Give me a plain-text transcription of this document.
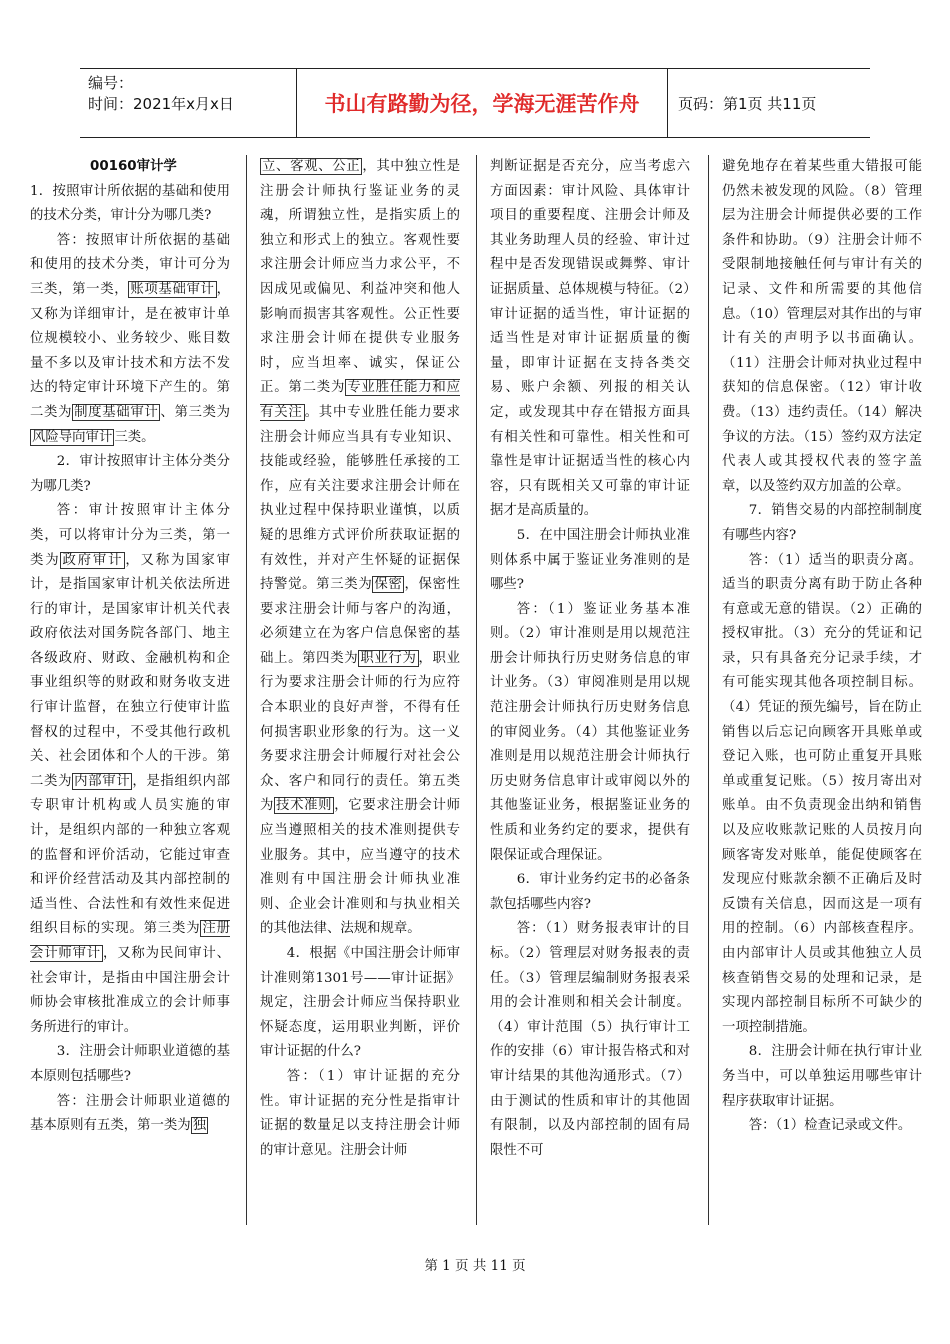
编号：
时间：2021年x月x日	书山有路勤为径，学海无涯苦作舟	页码：第1页 共11页

00160审计学

1．按照审计所依据的基础和使用的技术分类，审计分为哪几类?

答：按照审计所依据的基础和使用的技术分类，审计可分为三类，第一类， 账项基础审计 ，又称为详细审计，是在被审计单位规模较小、业务较少、账目数量不多以及审计技术和方法不发达的特定审计环境下产生的。第二类为 制度基础审计 、第三类为风险导向审计 三类。

2．审计按照审计主体分类分为哪几类?

答：审计按照审计主体分类，可以将审计分为三类，第一类为 政府审计 ，又称为国家审计，是指国家审计机关依法所进行的审计，是国家审计机关代表政府依法对国务院各部门、地主各级政府、财政、金融机构和企事业组织等的财政和财务收支进行审计监督，在独立行使审计监督权的过程中，不受其他行政机关、社会团体和个人的干涉。第二类为 内部审计 ，是指组织内部专职审计机构或人员实施的审计，是组织内部的一种独立客观的监督和评价活动，它能过审查和评价经营活动及其内部控制的适当性、合法性和有效性来促进组织目标的实现。第三类为 注册会计师审计 ，又称为民间审计、社会审计，是指由中国注册会计师协会审核批准成立的会计师事务所进行的审计。

3．注册会计师职业道德的基本原则包括哪些?

答：注册会计师职业道德的基本原则有五类，第一类为 独

立、客观、公正 ，其中独立性是注册会计师执行鉴证业务的灵魂，所谓独立性，是指实质上的独立和形式上的独立。客观性要求注册会计师应当力求公平，不因成见或偏见、利益冲突和他人影响而损害其客观性。公正性要求注册会计师在提供专业服务时，应当坦率、诚实，保证公正。第二类为 专业胜任能力和应有关注 。其中专业胜任能力要求注册会计师应当具有专业知识、技能或经验，能够胜任承接的工作，应有关注要求注册会计师在执业过程中保持职业谨慎，以质疑的思维方式评价所获取证据的有效性，并对产生怀疑的证据保持警觉。第三类为 保密 ，保密性要求注册会计师与客户的沟通，必须建立在为客户信息保密的基础上。第四类为 职业行为 ，职业行为要求注册会计师的行为应符合本职业的良好声誉，不得有任何损害职业形象的行为。这一义务要求注册会计师履行对社会公众、客户和同行的责任。第五类为 技术准则 ，它要求注册会计师应当遵照相关的技术准则提供专业服务。其中，应当遵守的技术准则有中国注册会计师执业准则、企业会计准则和与执业相关的其他法律、法规和规章。

4．根据《中国注册会计师审计准则第1301号——审计证据》规定，注册会计师应当保持职业怀疑态度，运用职业判断，评价审计证据的什么?

答：（1）审计证据的充分性。审计证据的充分性是指审计证据的数量足以支持注册会计师的审计意见。注册会计师

判断证据是否充分，应当考虑六方面因素：审计风险、具体审计项目的重要程度、注册会计师及其业务助理人员的经验、审计过程中是否发现错误或舞弊、审计证据质量、总体规模与特征。（2）审计证据的适当性，审计证据的适当性是对审计证据质量的衡量，即审计证据在支持各类交易、账户余额、列报的相关认定，或发现其中存在错报方面具有相关性和可靠性。相关性和可靠性是审计证据适当性的核心内容，只有既相关又可靠的审计证据才是高质量的。

5．在中国注册会计师执业准则体系中属于鉴证业务准则的是哪些?

答：（1）鉴证业务基本准则。（2）审计准则是用以规范注册会计师执行历史财务信息的审计业务。（3）审阅准则是用以规范注册会计师执行历史财务信息的审阅业务。（4）其他鉴证业务准则是用以规范注册会计师执行历史财务信息审计或审阅以外的其他鉴证业务，根据鉴证业务的性质和业务约定的要求，提供有限保证或合理保证。

6．审计业务约定书的必备条款包括哪些内容?

答：（1）财务报表审计的目标。（2）管理层对财务报表的责任。（3）管理层编制财务报表采用的会计准则和相关会计制度。（4）审计范围（5）执行审计工作的安排（6）审计报告格式和对审计结果的其他沟通形式。（7）由于测试的性质和审计的其他固有限制，以及内部控制的固有局限性不可

避免地存在着某些重大错报可能仍然未被发现的风险。（8）管理层为注册会计师提供必要的工作条件和协助。（9）注册会计师不受限制地接触任何与审计有关的记录、文件和所需要的其他信息。（10）管理层对其作出的与审计有关的声明予以书面确认。（11）注册会计师对执业过程中获知的信息保密。（12）审计收费。（13）违约责任。（14）解决争议的方法。（15）签约双方法定代表人或其授权代表的签字盖章，以及签约双方加盖的公章。

7．销售交易的内部控制制度有哪些内容?

答：（1）适当的职责分离。适当的职责分离有助于防止各种有意或无意的错误。（2）正确的授权审批。（3）充分的凭证和记录，只有具备充分记录手续，才有可能实现其他各项控制目标。（4）凭证的预先编号，旨在防止销售以后忘记向顾客开具账单或登记入账，也可防止重复开具账单或重复记账。（5）按月寄出对账单。由不负责现金出纳和销售以及应收账款记账的人员按月向顾客寄发对账单，能促使顾客在发现应付账款余额不正确后及时反馈有关信息，因而这是一项有用的控制。（6）内部核查程序。由内部审计人员或其他独立人员核查销售交易的处理和记录，是实现内部控制目标所不可缺少的一项控制措施。

8．注册会计师在执行审计业务当中，可以单独运用哪些审计程序获取审计证据。

答：（1）检查记录或文件。

第 1 页 共 11 页
